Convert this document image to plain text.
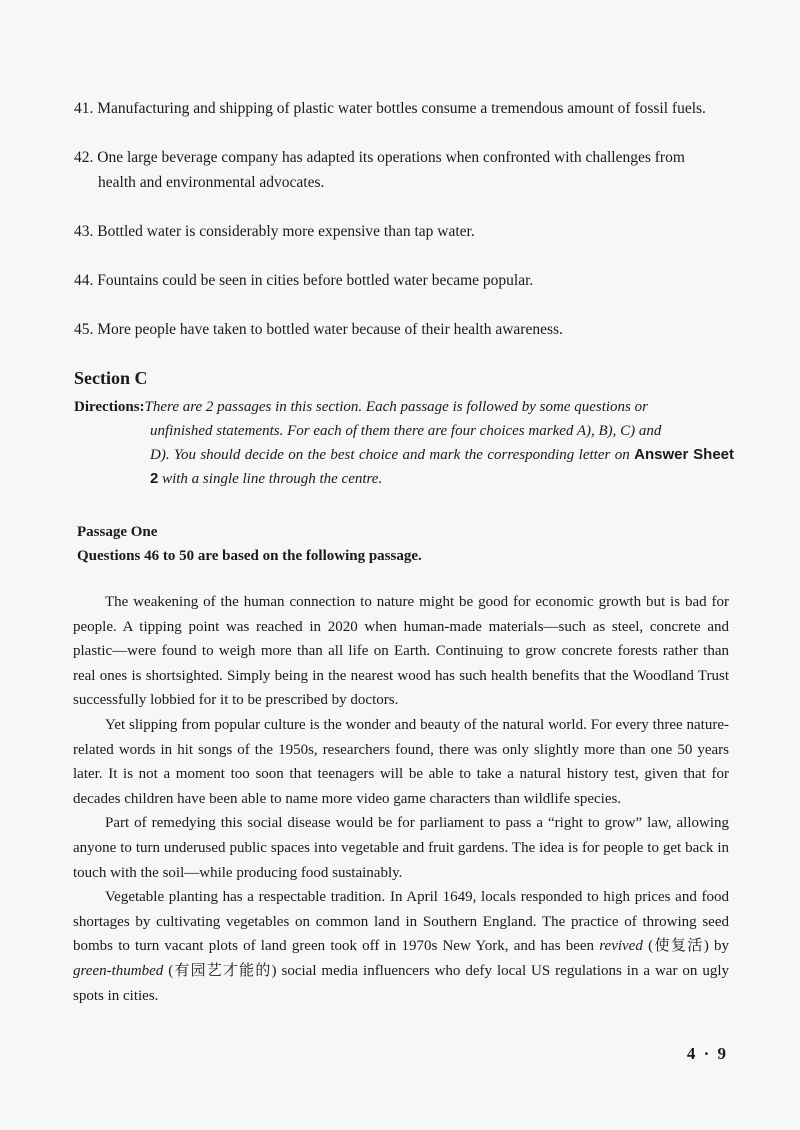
41. Manufacturing and shipping of plastic water bottles consume a tremendous amount of fossil fuels.

42. One large beverage company has adapted its operations when confronted with challenges from
health and environmental advocates.

43. Bottled water is considerably more expensive than tap water.

44. Fountains could be seen in cities before bottled water became popular.

45. More people have taken to bottled water because of their health awareness.

Section C
Directions: There are 2 passages in this section. Each passage is followed by some questions or
unfinished statements. For each of them there are four choices marked A), B), C) and
D). You should decide on the best choice and mark the corresponding letter on Answer Sheet 2 with a single line through the centre.
Passage One
Questions 46 to 50 are based on the following passage.

The weakening of the human connection to nature might be good for economic growth but is bad for people. A tipping point was reached in 2020 when human-made materials—such as steel, concrete and plastic—were found to weigh more than all life on Earth. Continuing to grow concrete forests rather than real ones is shortsighted. Simply being in the nearest wood has such health benefits that the Woodland Trust successfully lobbied for it to be prescribed by doctors.

Yet slipping from popular culture is the wonder and beauty of the natural world. For every three nature-related words in hit songs of the 1950s, researchers found, there was only slightly more than one 50 years later. It is not a moment too soon that teenagers will be able to take a natural history test, given that for decades children have been able to name more video game characters than wildlife species.

Part of remedying this social disease would be for parliament to pass a “right to grow” law, allowing anyone to turn underused public spaces into vegetable and fruit gardens. The idea is for people to get back in touch with the soil—while producing food sustainably.

Vegetable planting has a respectable tradition. In April 1649, locals responded to high prices and food shortages by cultivating vegetables on common land in Southern England. The practice of throwing seed bombs to turn vacant plots of land green took off in 1970s New York, and has been revived (使复活) by green-thumbed (有园艺才能的) social media influencers who defy local US regulations in a war on ugly spots in cities.

4 · 9
